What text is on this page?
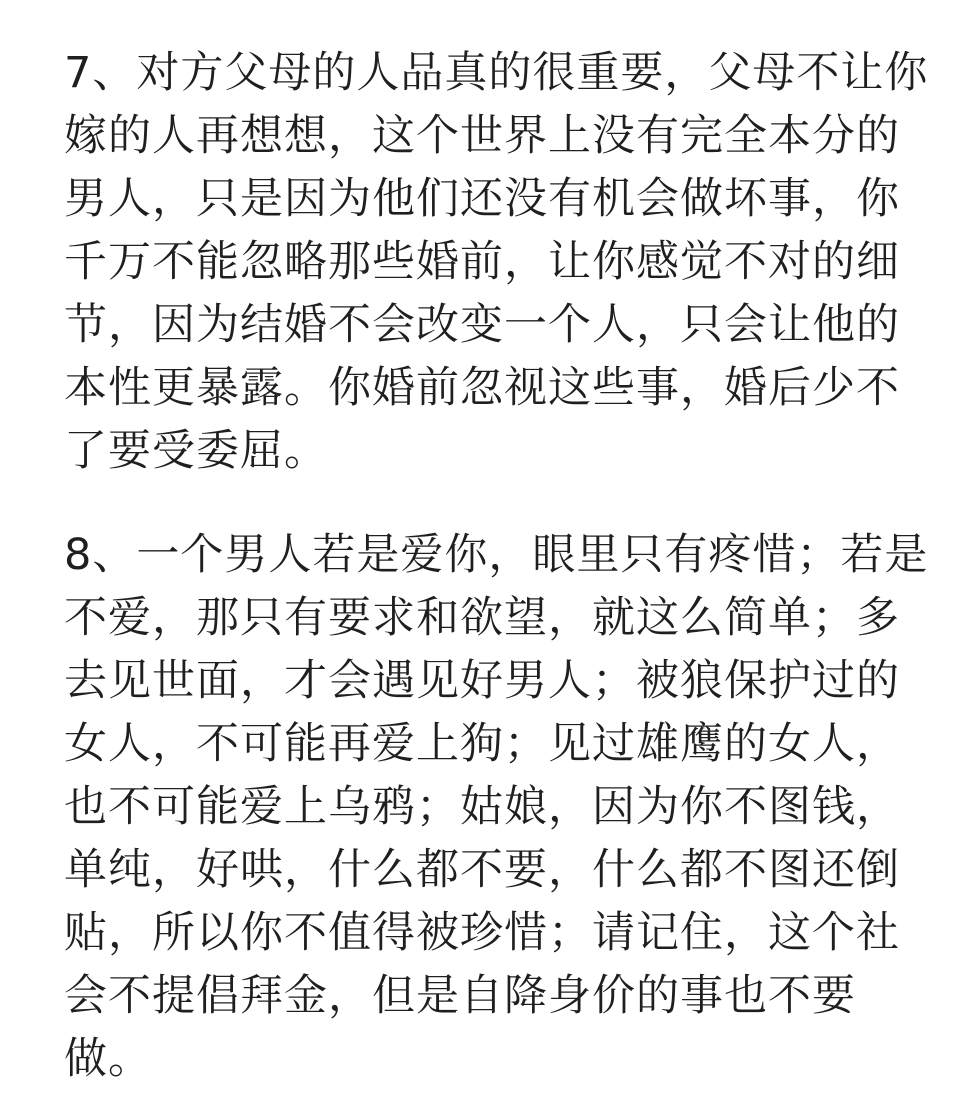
7、对方父母的人品真的很重要，父母不让你
嫁的人再想想，这个世界上没有完全本分的
男人，只是因为他们还没有机会做坏事，你
千万不能忽略那些婚前，让你感觉不对的细
节，因为结婚不会改变一个人，只会让他的
本性更暴露。你婚前忽视这些事，婚后少不
了要受委屈。

8、一个男人若是爱你，眼里只有疼惜；若是
不爱，那只有要求和欲望，就这么简单；多
去见世面，才会遇见好男人；被狼保护过的
女人，不可能再爱上狗；见过雄鹰的女人，
也不可能爱上乌鸦；姑娘，因为你不图钱，
单纯，好哄，什么都不要，什么都不图还倒
贴，所以你不值得被珍惜；请记住，这个社
会不提倡拜金，但是自降身价的事也不要
做。
